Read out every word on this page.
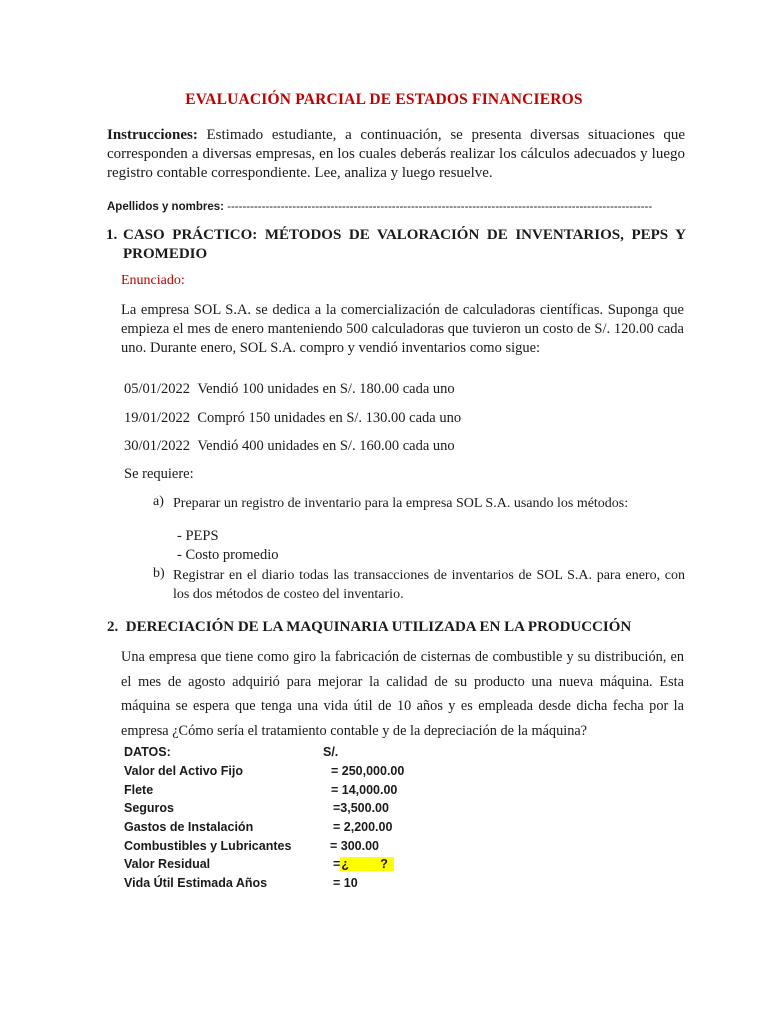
EVALUACIÓN PARCIAL DE ESTADOS FINANCIEROS
Instrucciones: Estimado estudiante, a continuación, se presenta diversas situaciones que corresponden a diversas empresas, en los cuales deberás realizar los cálculos adecuados y luego registro contable correspondiente. Lee, analiza y luego resuelve.
Apellidos y nombres: ---------------------------------------------------------------------------------------------------------------
1. CASO PRÁCTICO: MÉTODOS DE VALORACIÓN DE INVENTARIOS, PEPS Y
PROMEDIO
Enunciado:
La empresa SOL S.A. se dedica a la comercialización de calculadoras científicas. Suponga que empieza el mes de enero manteniendo 500 calculadoras que tuvieron un costo de S/. 120.00 cada uno. Durante enero, SOL S.A. compro y vendió inventarios como sigue:
05/01/2022 Vendió 100 unidades en S/. 180.00 cada uno
19/01/2022 Compró 150 unidades en S/. 130.00 cada uno
30/01/2022 Vendió 400 unidades en S/. 160.00 cada uno
Se requiere:
a) Preparar un registro de inventario para la empresa SOL S.A. usando los métodos:
- PEPS
- Costo promedio
b) Registrar en el diario todas las transacciones de inventarios de SOL S.A. para enero, con los dos métodos de costeo del inventario.
2. DERECIACIÓN DE LA MAQUINARIA UTILIZADA EN LA PRODUCCIÓN
Una empresa que tiene como giro la fabricación de cisternas de combustible y su distribución, en el mes de agosto adquirió para mejorar la calidad de su producto una nueva máquina. Esta máquina se espera que tenga una vida útil de 10 años y es empleada desde dicha fecha por la empresa ¿Cómo sería el tratamiento contable y de la depreciación de la máquina?
DATOS:	S/.
Valor del Activo Fijo	= 250,000.00
Flete	= 14,000.00
Seguros	=3,500.00
Gastos de Instalación	= 2,200.00
Combustibles y Lubricantes	= 300.00
Valor Residual	=¿         ?
Vida Útil Estimada Años	= 10
